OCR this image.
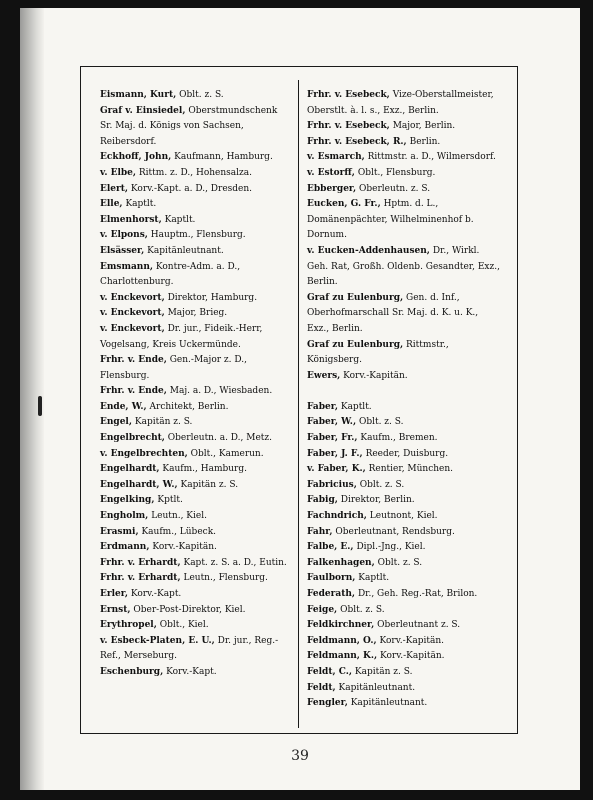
Eismann, Kurt, Oblt. z. S.
Graf v. Einsiedel, Oberstmundschenk Sr. Maj. d. Königs von Sachsen, Reibersdorf.
Eckhoff, John, Kaufmann, Hamburg.
v. Elbe, Rittm. z. D., Hohensalza.
Elert, Korv.-Kapt. a. D., Dresden.
Elle, Kaptlt.
Elmenhorst, Kaptlt.
v. Elpons, Hauptm., Flensburg.
Elsässer, Kapitänleutnant.
Emsmann, Kontre-Adm. a. D., Charlottenburg.
v. Enckevort, Direktor, Hamburg.
v. Enckevort, Major, Brieg.
v. Enckevort, Dr. jur., Fideik.-Herr, Vogelsang, Kreis Uckermünde.
Frhr. v. Ende, Gen.-Major z. D., Flensburg.
Frhr. v. Ende, Maj. a. D., Wiesbaden.
Ende, W., Architekt, Berlin.
Engel, Kapitän z. S.
Engelbrecht, Oberleutn. a. D., Metz.
v. Engelbrechten, Oblt., Kamerun.
Engelhardt, Kaufm., Hamburg.
Engelhardt, W., Kapitän z. S.
Engelking, Kptlt.
Engholm, Leutn., Kiel.
Erasmi, Kaufm., Lübeck.
Erdmann, Korv.-Kapitän.
Frhr. v. Erhardt, Kapt. z. S. a. D., Eutin.
Frhr. v. Erhardt, Leutn., Flensburg.
Erler, Korv.-Kapt.
Ernst, Ober-Post-Direktor, Kiel.
Erythropel, Oblt., Kiel.
v. Esbeck-Platen, E. U., Dr. jur., Reg.-Ref., Merseburg.
Eschenburg, Korv.-Kapt.
Frhr. v. Esebeck, Vize-Oberstallmeister, Oberstlt. à. l. s., Exz., Berlin.
Frhr. v. Esebeck, Major, Berlin.
Frhr. v. Esebeck, R., Berlin.
v. Esmarch, Rittmstr. a. D., Wilmersdorf.
v. Estorff, Oblt., Flensburg.
Ebberger, Oberleutn. z. S.
Eucken, G. Fr., Hptm. d. L., Domänenpächter, Wilhelminenhof b. Dornum.
v. Eucken-Addenhausen, Dr., Wirkl. Geh. Rat, Großh. Oldenb. Gesandter, Exz., Berlin.
Graf zu Eulenburg, Gen. d. Inf., Oberhofmarschall Sr. Maj. d. K. u. K., Exz., Berlin.
Graf zu Eulenburg, Rittmstr., Königsberg.
Ewers, Korv.-Kapitän.
Faber, Kaptlt.
Faber, W., Oblt. z. S.
Faber, Fr., Kaufm., Bremen.
Faber, J. F., Reeder, Duisburg.
v. Faber, K., Rentier, München.
Fabricius, Oblt. z. S.
Fabig, Direktor, Berlin.
Fachndrich, Leutnont, Kiel.
Fahr, Oberleutnant, Rendsburg.
Falbe, E., Dipl.-Jng., Kiel.
Falkenhagen, Oblt. z. S.
Faulborn, Kaptlt.
Federath, Dr., Geh. Reg.-Rat, Brilon.
Feige, Oblt. z. S.
Feldkirchner, Oberleutnant z. S.
Feldmann, O., Korv.-Kapitän.
Feldmann, K., Korv.-Kapitän.
Feldt, C., Kapitän z. S.
Feldt, Kapitänleutnant.
Fengler, Kapitänleutnant.
39
